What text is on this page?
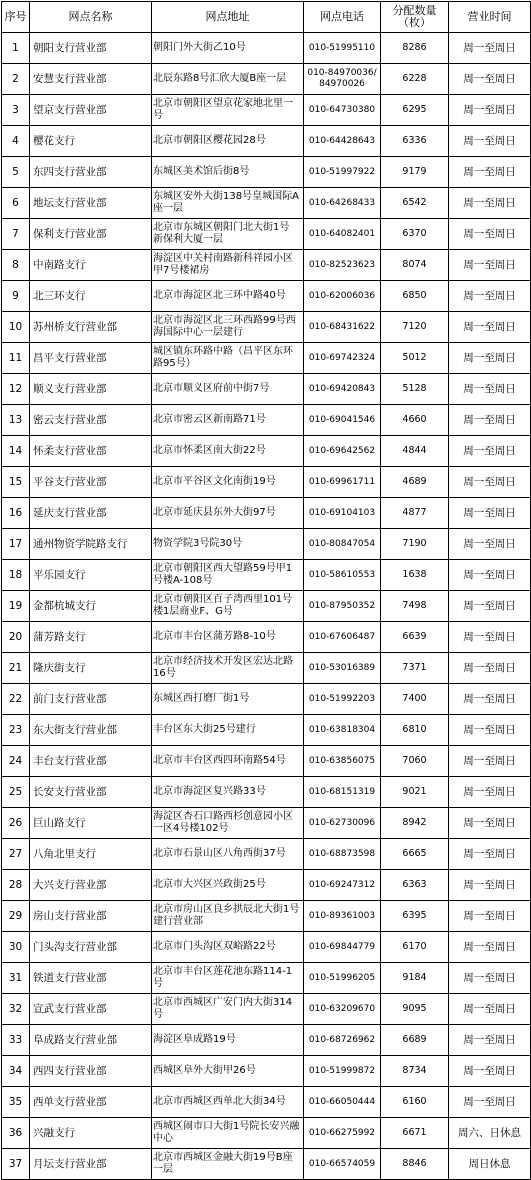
序号	网点名称	网点地址	网点电话	分配数量（枚）	营业时间
1	朝阳支行营业部	朝阳门外大街乙10号	010-51995110	8286	周一至周日
2	安慧支行营业部	北辰东路8号汇欣大厦B座一层	010-84970036/84970026	6228	周一至周日
3	望京支行营业部	北京市朝阳区望京花家地北里一号	010-64730380	6295	周一至周日
4	樱花支行	北京市朝阳区樱花园28号	010-64428643	6336	周一至周日
5	东四支行营业部	东城区美术馆后街8号	010-51997922	9179	周一至周日
6	地坛支行营业部	东城区安外大街138号皇城国际A座一层	010-64268433	6542	周一至周日
7	保利支行营业部	北京市东城区朝阳门北大街1号 新保利大厦一层	010-64082401	6370	周一至周日
8	中南路支行	海淀区中关村南路新科祥园小区甲7号楼裙房	010-82523623	8074	周一至周日
9	北三环支行	北京市海淀区北三环中路40号	010-62006036	6850	周一至周日
10	苏州桥支行营业部	北京市海淀区北三环西路99号西海国际中心一层建行	010-68431622	7120	周一至周日
11	昌平支行营业部	城区镇东环路中路（昌平区东环路95号）	010-69742324	5012	周一至周日
12	顺义支行营业部	北京市顺义区府前中街7号	010-69420843	5128	周一至周日
13	密云支行营业部	北京市密云区新南路71号	010-69041546	4660	周一至周日
14	怀柔支行营业部	北京市怀柔区南大街22号	010-69642562	4844	周一至周日
15	平谷支行营业部	北京市平谷区文化南街19号	010-69961711	4689	周一至周日
16	延庆支行营业部	北京市延庆县东外大街97号	010-69104103	4877	周一至周日
17	通州物资学院路支行	物资学院3号院30号	010-80847054	7190	周一至周日
18	平乐园支行	北京市朝阳区西大望路59号甲1号楼A-108号	010-58610553	1638	周一至周日
19	金都杭城支行	北京市朝阳区百子湾西里101号楼1层商业F、G号	010-87950352	7498	周一至周日
20	蒲芳路支行	北京市丰台区蒲芳路8-10号	010-67606487	6639	周一至周日
21	隆庆街支行	北京市经济技术开发区宏达北路16号	010-53016389	7371	周一至周日
22	前门支行营业部	东城区西打磨厂街1号	010-51992203	7400	周一至周日
23	东大街支行营业部	丰台区东大街25号建行	010-63818304	6810	周一至周日
24	丰台支行营业部	北京市丰台区西四环南路54号	010-63856075	7060	周一至周日
25	长安支行营业部	北京市海淀区复兴路33号	010-68151319	9021	周一至周日
26	巨山路支行	海淀区杏石口路西杉创意园小区一区4号楼102号	010-62730096	8942	周一至周日
27	八角北里支行	北京市石景山区八角西街37号	010-68873598	6665	周一至周日
28	大兴支行营业部	北京市大兴区兴政街25号	010-69247312	6363	周一至周日
29	房山支行营业部	北京市房山区良乡拱辰北大街1号建行营业部	010-89361003	6395	周一至周日
30	门头沟支行营业部	北京市门头沟区双峪路22号	010-69844779	6170	周一至周日
31	铁道支行营业部	北京市丰台区莲花池东路114-1号	010-51996205	9184	周一至周日
32	宣武支行营业部	北京市西城区广安门内大街314号	010-63209670	9095	周一至周日
33	阜成路支行营业部	海淀区阜成路19号	010-68726962	6689	周一至周日
34	西四支行营业部	西城区阜外大街甲26号	010-51999872	8734	周一至周日
35	西单支行营业部	北京市西城区西单北大街34号	010-66050444	6160	周一至周日
36	兴融支行	西城区闹市口大街1号院长安兴融中心	010-66275992	6671	周六、日休息
37	月坛支行营业部	北京市西城区金融大街19号B座一层	010-66574059	8846	周日休息
